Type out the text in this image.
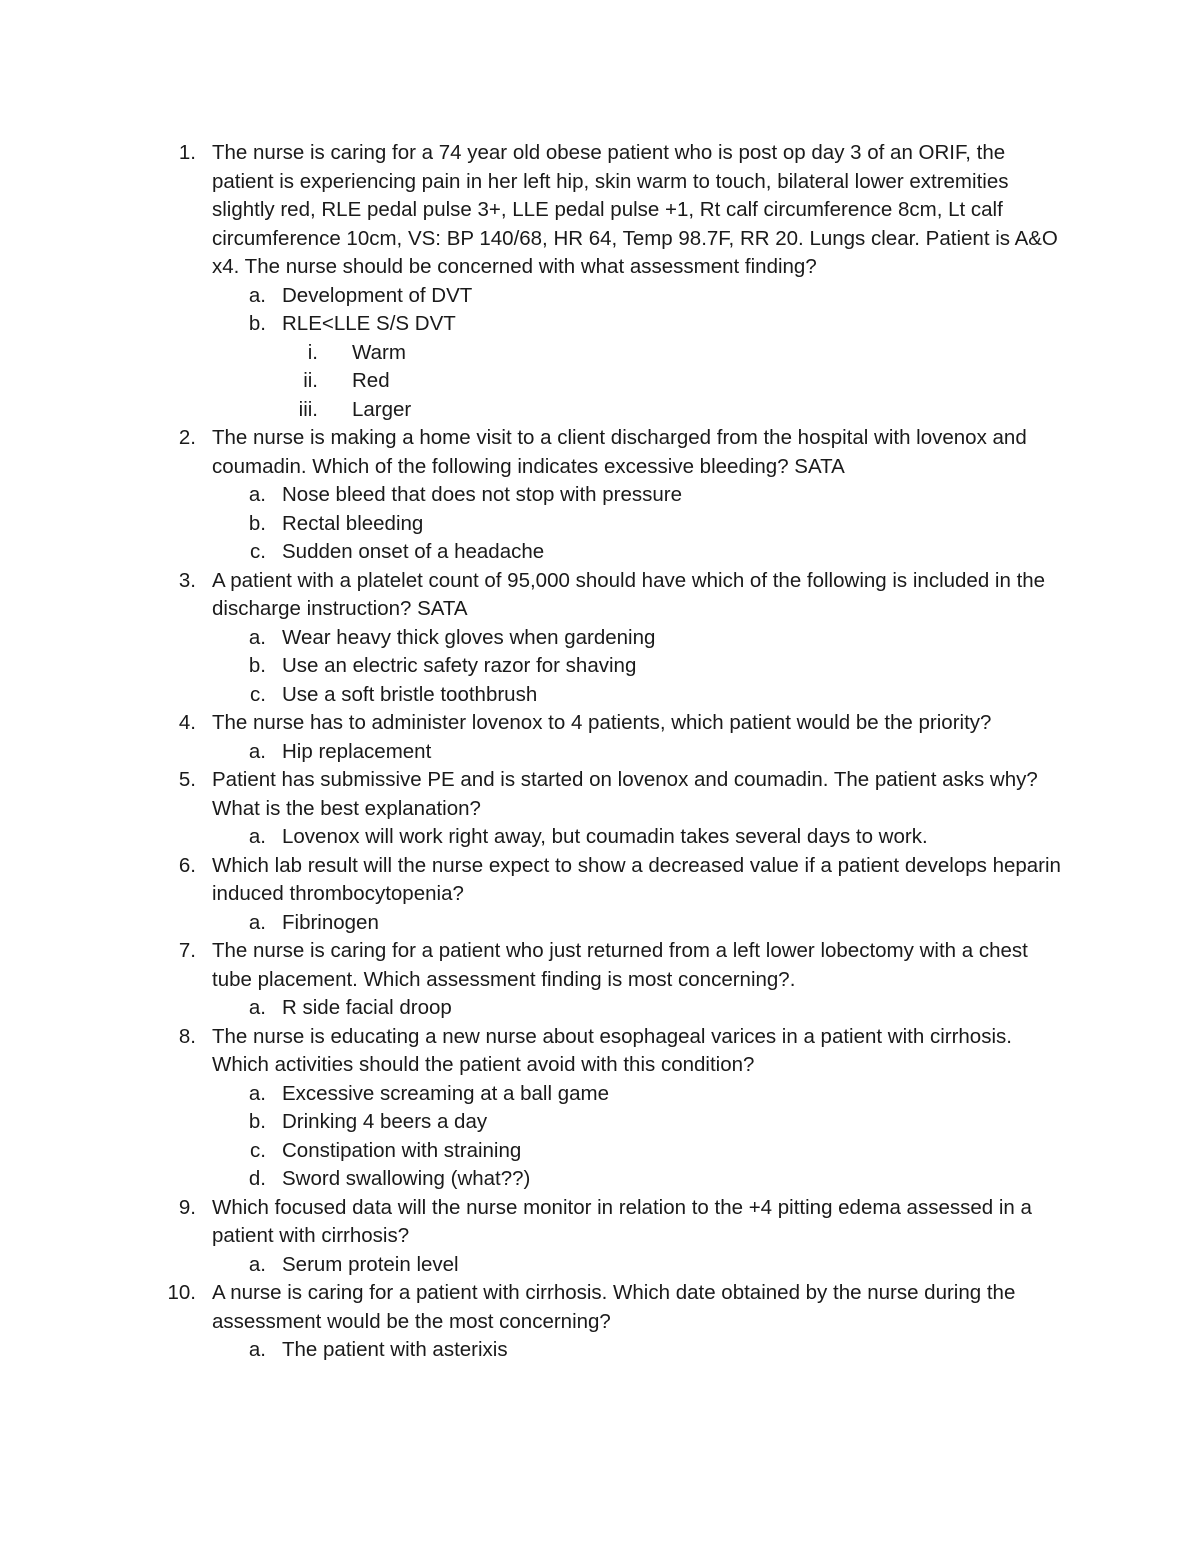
1. The nurse is caring for a 74 year old obese patient who is post op day 3 of an ORIF, the patient is experiencing pain in her left hip, skin warm to touch, bilateral lower extremities slightly red, RLE pedal pulse 3+, LLE pedal pulse +1, Rt calf circumference 8cm, Lt calf circumference 10cm, VS: BP 140/68, HR 64, Temp 98.7F, RR 20. Lungs clear. Patient is A&O x4. The nurse should be concerned with what assessment finding?
a. Development of DVT
b. RLE<LLE S/S DVT
i. Warm
ii. Red
iii. Larger
2. The nurse is making a home visit to a client discharged from the hospital with lovenox and coumadin. Which of the following indicates excessive bleeding? SATA
a. Nose bleed that does not stop with pressure
b. Rectal bleeding
c. Sudden onset of a headache
3. A patient with a platelet count of 95,000 should have which of the following is included in the discharge instruction? SATA
a. Wear heavy thick gloves when gardening
b. Use an electric safety razor for shaving
c. Use a soft bristle toothbrush
4. The nurse has to administer lovenox to 4 patients, which patient would be the priority?
a. Hip replacement
5. Patient has submissive PE and is started on lovenox and coumadin. The patient asks why? What is the best explanation?
a. Lovenox will work right away, but coumadin takes several days to work.
6. Which lab result will the nurse expect to show a decreased value if a patient develops heparin induced thrombocytopenia?
a. Fibrinogen
7. The nurse is caring for a patient who just returned from a left lower lobectomy with a chest tube placement. Which assessment finding is most concerning?.
a. R side facial droop
8. The nurse is educating a new nurse about esophageal varices in a patient with cirrhosis. Which activities should the patient avoid with this condition?
a. Excessive screaming at a ball game
b. Drinking 4 beers a day
c. Constipation with straining
d. Sword swallowing (what??)
9. Which focused data will the nurse monitor in relation to the +4 pitting edema assessed in a patient with cirrhosis?
a. Serum protein level
10. A nurse is caring for a patient with cirrhosis. Which date obtained by the nurse during the assessment would be the most concerning?
a. The patient with asterixis
